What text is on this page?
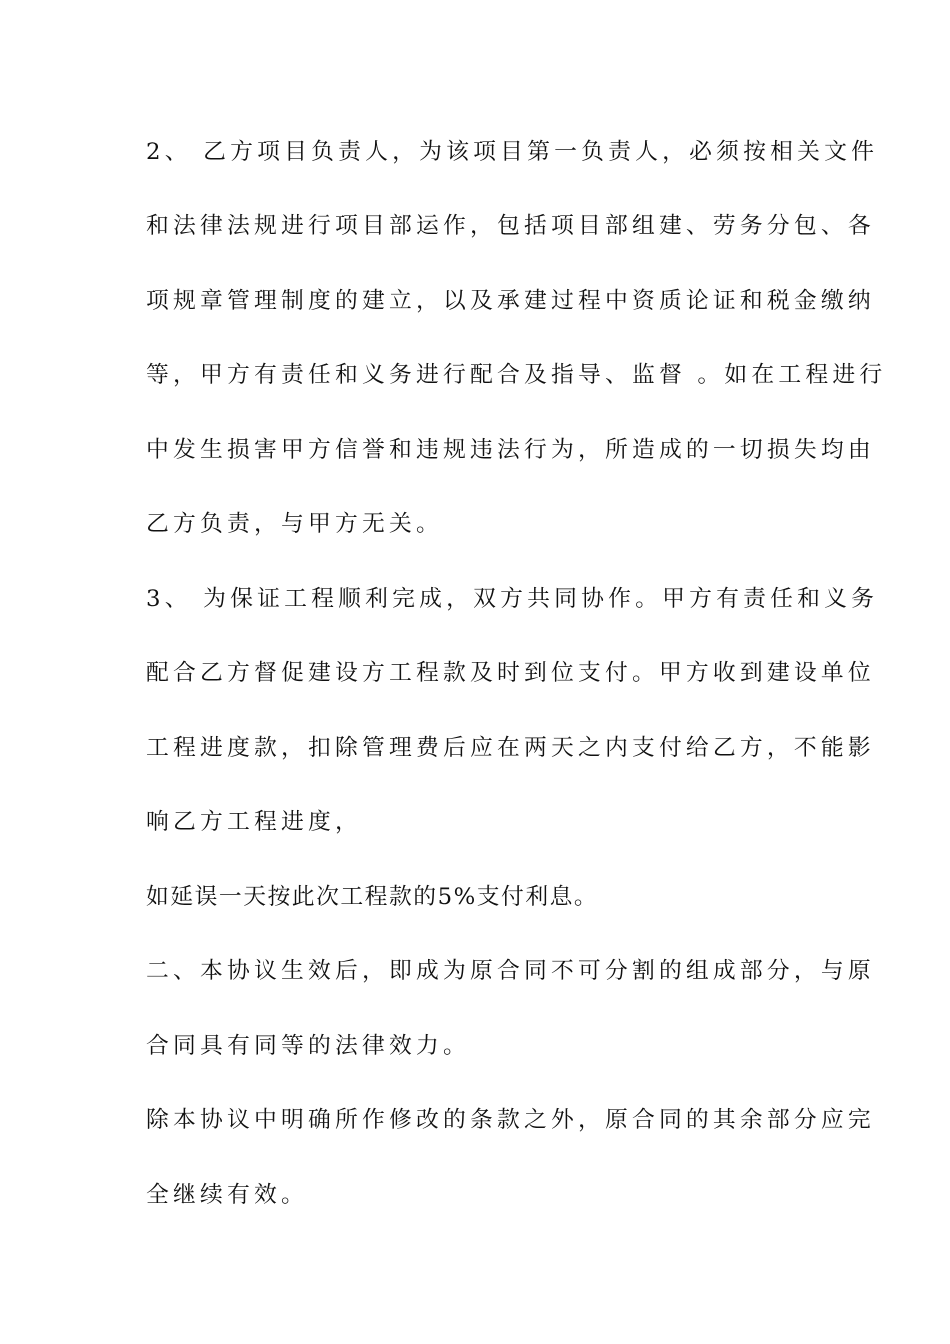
2、 乙方项目负责人，为该项目第一负责人，必须按相关文件
和法律法规进行项目部运作，包括项目部组建、劳务分包、各
项规章管理制度的建立，以及承建过程中资质论证和税金缴纳
等，甲方有责任和义务进行配合及指导、监督 。如在工程进行
中发生损害甲方信誉和违规违法行为，所造成的一切损失均由
乙方负责，与甲方无关。
3、 为保证工程顺利完成，双方共同协作。甲方有责任和义务
配合乙方督促建设方工程款及时到位支付。甲方收到建设单位
工程进度款，扣除管理费后应在两天之内支付给乙方，不能影
响乙方工程进度，
如延误一天按此次工程款的5%支付利息。
二、本协议生效后，即成为原合同不可分割的组成部分，与原
合同具有同等的法律效力。
除本协议中明确所作修改的条款之外，原合同的其余部分应完
全继续有效。
